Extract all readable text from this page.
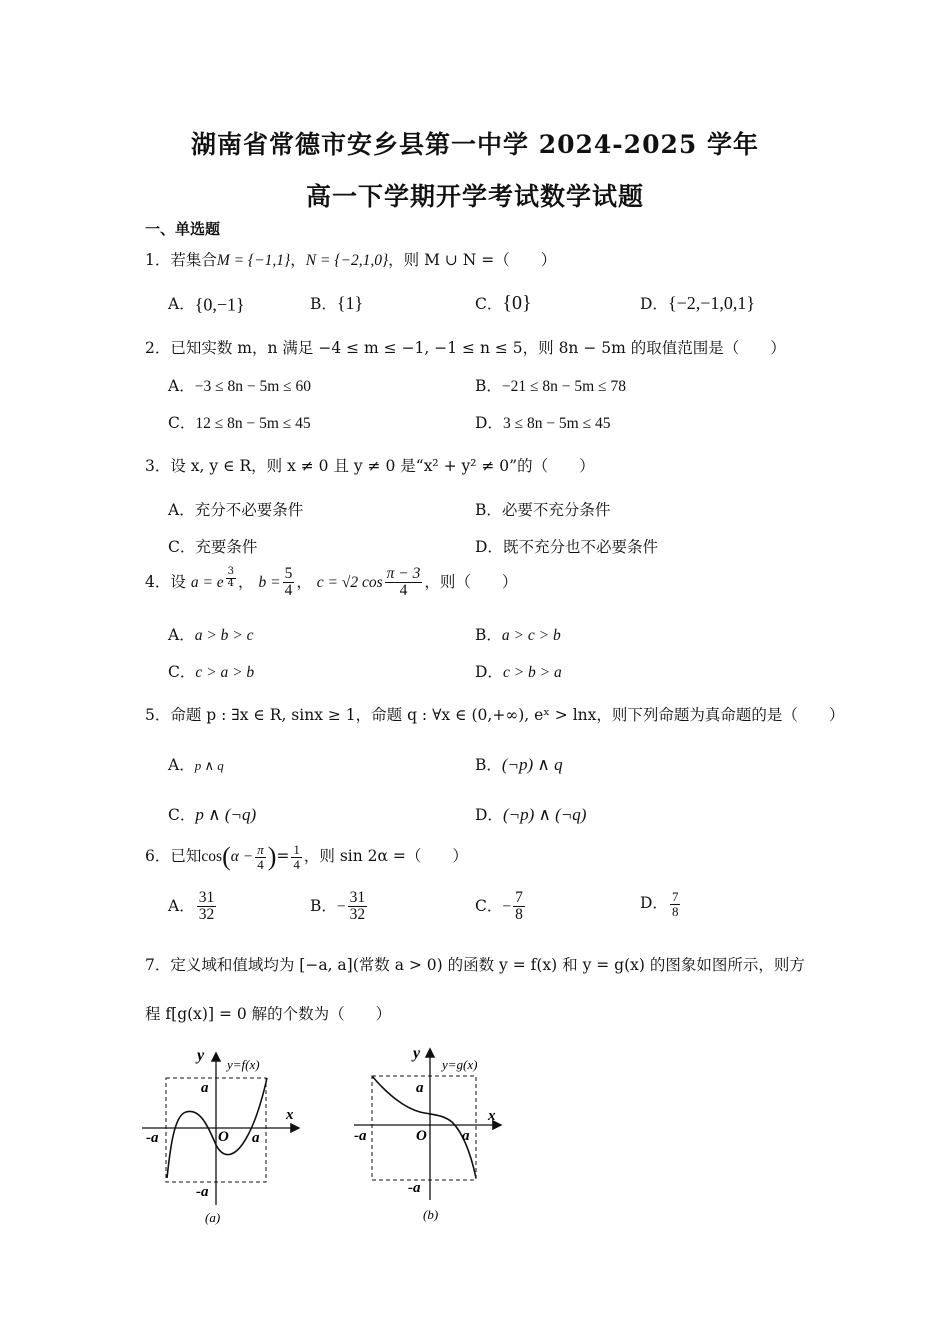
湖南省常德市安乡县第一中学 2024-2025 学年
高一下学期开学考试数学试题
一、单选题
1．若集合M = {−1,1}，N = {−2,1,0}，则 M ∪ N =（　　）
A．{0,−1}	B．{1}	C．{0}	D．{−2,−1,0,1}
2．已知实数 m，n 满足 −4 ≤ m ≤ −1, −1 ≤ n ≤ 5，则 8n − 5m 的取值范围是（　　）
A．−3 ≤ 8n − 5m ≤ 60	B．−21 ≤ 8n − 5m ≤ 78
C．12 ≤ 8n − 5m ≤ 45	D．3 ≤ 8n − 5m ≤ 45
3．设 x, y ∈ R，则 x ≠ 0 且 y ≠ 0 是“x² + y² ≠ 0”的（　　）
A．充分不必要条件	B．必要不充分条件
C．充要条件	D．既不充分也不必要条件
4．设 a = e $^{\frac{3}{4}}$ ， $b = \frac{5}{4}$ ， c = √2 $\cos \frac{\pi - 3}{4}$ ，则（　　）
A．a > b > c	B．a > c > b
C．c > a > b	D．c > b > a
5．命题 p : ∃x ∈ R, sinx ≥ 1，命题 q : ∀x ∈ (0,+∞), eˣ > lnx，则下列命题为真命题的是（　　）
A．p ∧ q	B．(¬p) ∧ q
C．p ∧ (¬q)	D．(¬p) ∧ (¬q)
6．已知$\cos(\alpha - \frac{\pi}{4}$ )= $\frac{1}{4}$ ，则 sin 2α =（　　）
A． $\frac{31}{32}$	B．− $\frac{31}{32}$	C．− $\frac{7}{8}$	D． $\frac{7}{8}$
7．定义域和值域均为 [−a, a](常数 a > 0) 的函数 y = f(x) 和 y = g(x) 的图象如图所示，则方
程 f[g(x)] = 0 解的个数为（　　）
y
y=f(x)
x
a
a
-a
-a
O
(a)
y
y=g(x)
x
a
a
-a
-a
O
(b)
